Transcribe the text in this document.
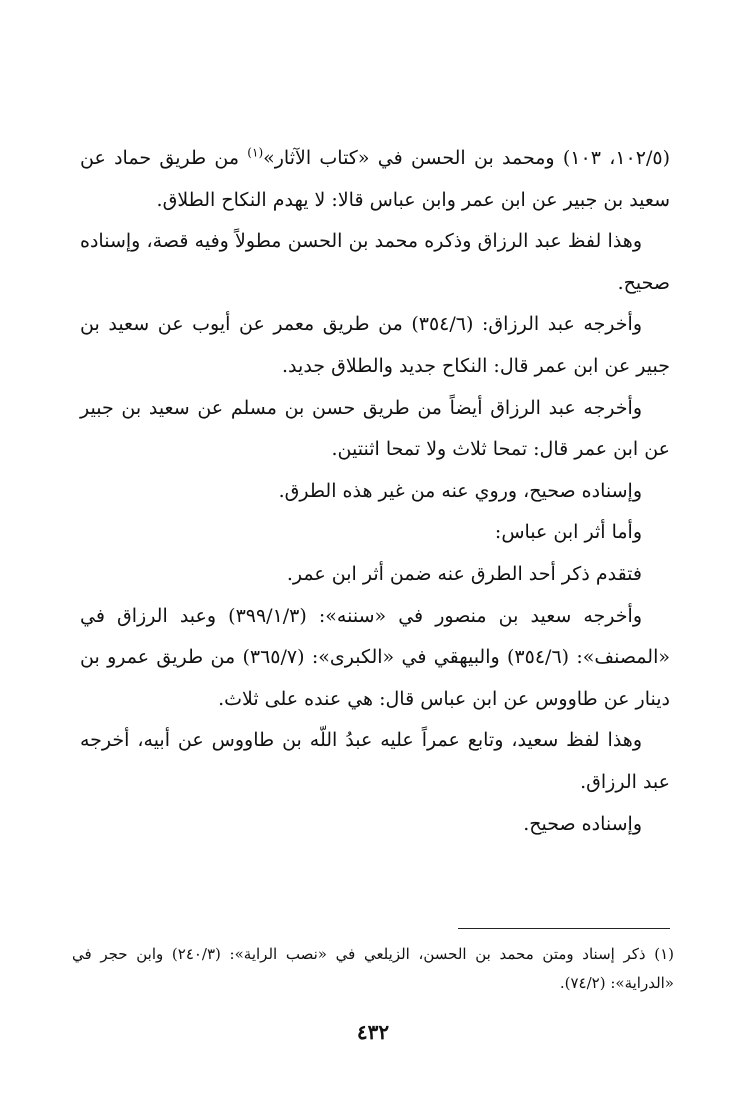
(١٠٢/٥، ١٠٣) ومحمد بن الحسن في «كتاب الآثار»$^{(١)}$ من طريق حماد عن سعيد بن جبير عن ابن عمر وابن عباس قالا: لا يهدم النكاح الطلاق.

وهذا لفظ عبد الرزاق وذكره محمد بن الحسن مطولاً وفيه قصة، وإسناده صحيح.

وأخرجه عبد الرزاق: (٣٥٤/٦) من طريق معمر عن أيوب عن سعيد بن جبير عن ابن عمر قال: النكاح جديد والطلاق جديد.

وأخرجه عبد الرزاق أيضاً من طريق حسن بن مسلم عن سعيد بن جبير عن ابن عمر قال: تمحا ثلاث ولا تمحا اثنتين.

وإسناده صحيح، وروي عنه من غير هذه الطرق.

وأما أثر ابن عباس:

فتقدم ذكر أحد الطرق عنه ضمن أثر ابن عمر.

وأخرجه سعيد بن منصور في «سننه»: (٣٩٩/١/٣) وعبد الرزاق في «المصنف»: (٣٥٤/٦) والبيهقي في «الكبرى»: (٣٦٥/٧) من طريق عمرو بن دينار عن طاووس عن ابن عباس قال: هي عنده على ثلاث.

وهذا لفظ سعيد، وتابع عمراً عليه عبدُ اللّه بن طاووس عن أبيه، أخرجه عبد الرزاق.

وإسناده صحيح.

(١) ذكر إسناد ومتن محمد بن الحسن، الزيلعي في «نصب الراية»: (٢٤٠/٣) وابن حجر في «الدراية»: (٧٤/٢).

٤٣٢
